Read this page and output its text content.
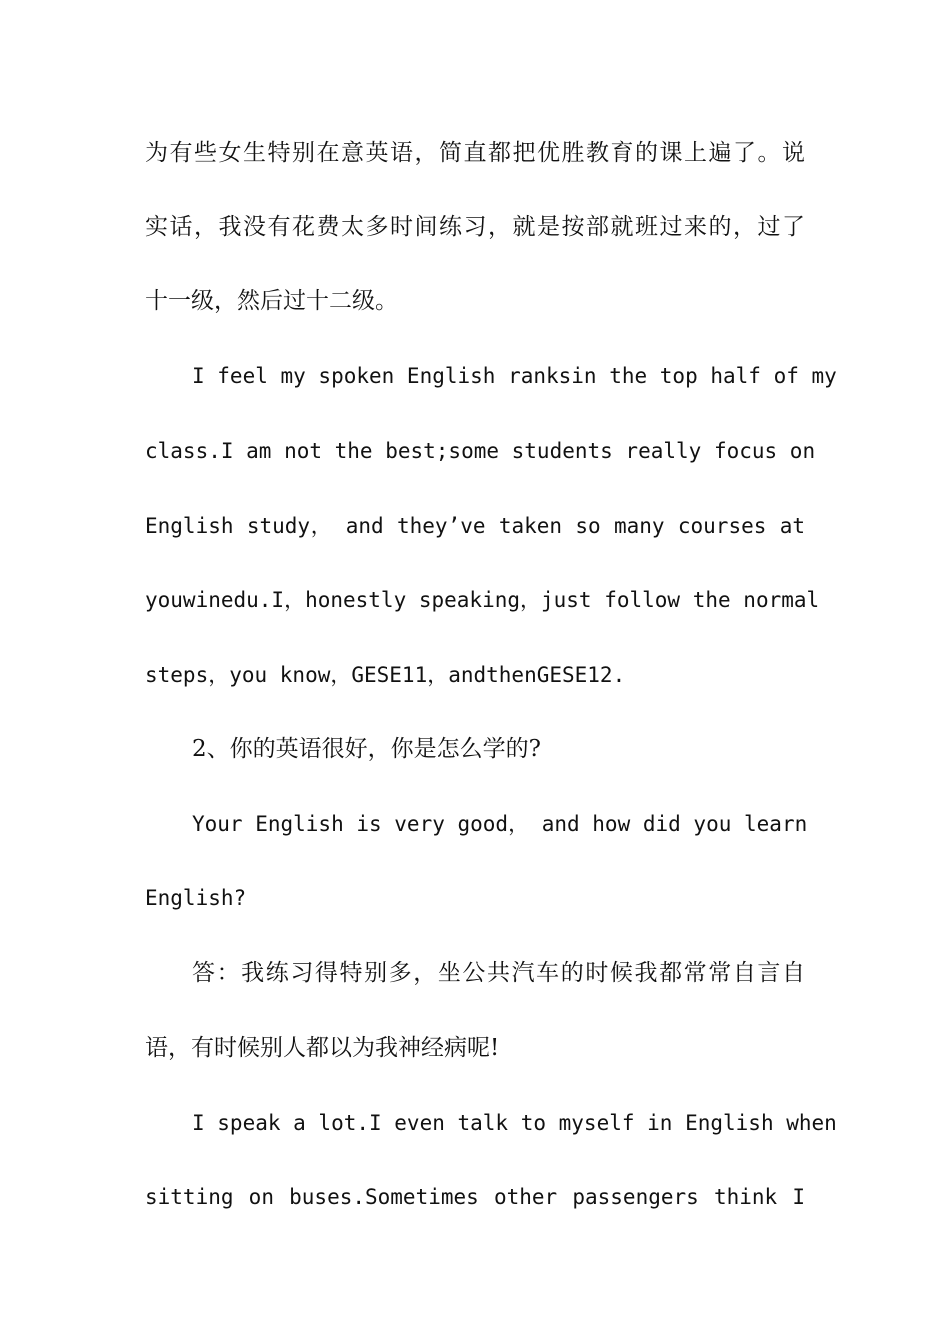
为有些女生特别在意英语，简直都把优胜教育的课上遍了。说
实话，我没有花费太多时间练习，就是按部就班过来的，过了
十一级，然后过十二级。
I feel my spoken English ranksin the top half of my
class.I am not the best;some students really focus on
English study， and they’ve taken so many courses at
youwinedu.I，honestly speaking，just follow the normal
steps，you know，GESE11，andthenGESE12.
2、你的英语很好，你是怎么学的?
Your English is very good， and how did you learn
English?
答：我练习得特别多，坐公共汽车的时候我都常常自言自
语，有时候别人都以为我神经病呢!
I speak a lot.I even talk to myself in English when
sitting on buses.Sometimes other passengers think I
